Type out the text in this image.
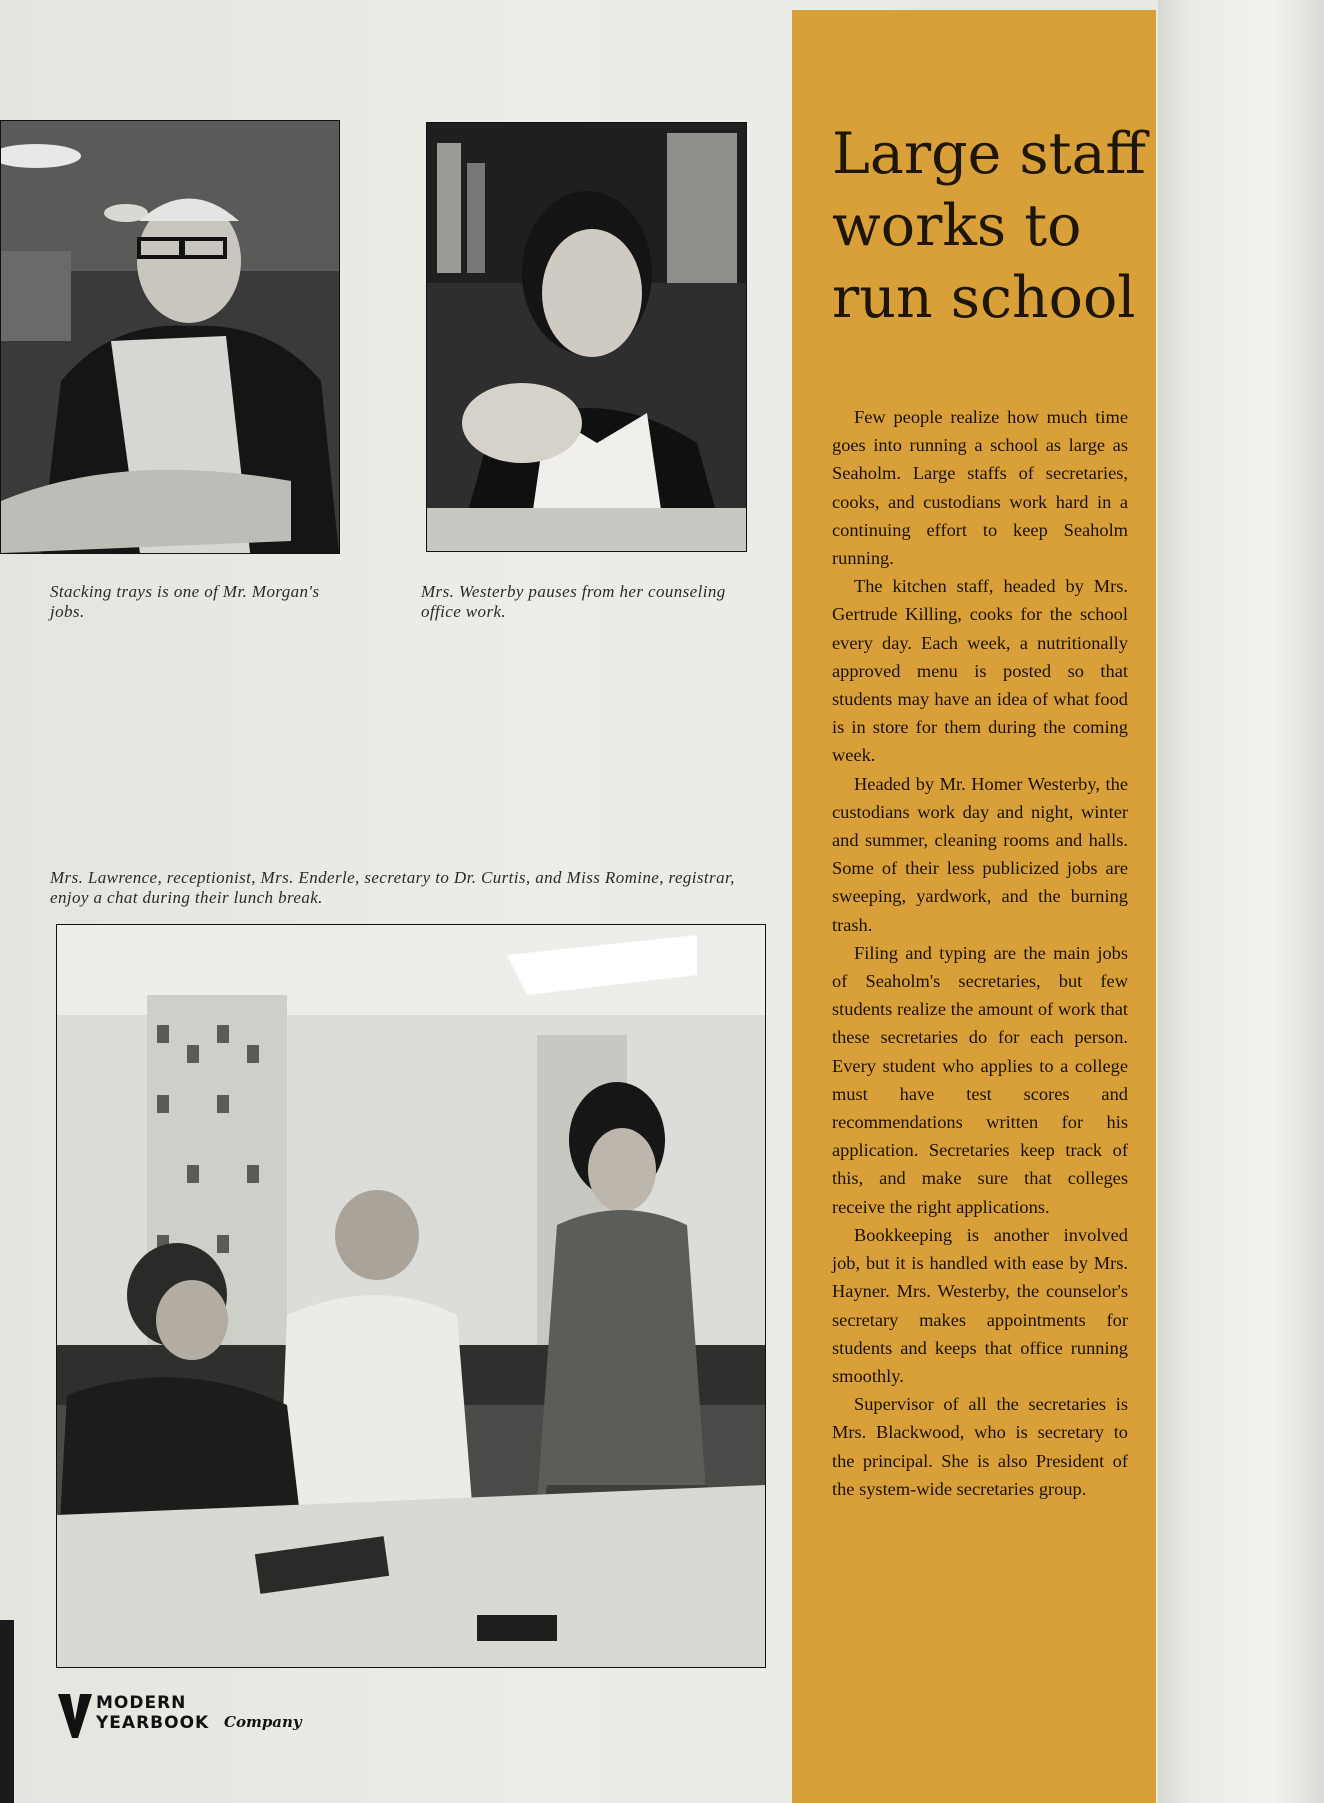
Stacking trays is one of Mr. Morgan's jobs.
Mrs. Westerby pauses from her counseling office work.
Mrs. Lawrence, receptionist, Mrs. Enderle, secretary to Dr. Curtis, and Miss Romine, registrar, enjoy a chat during their lunch break.
Large staff
works to
run school

Few people realize how much time goes into running a school as large as Seaholm. Large staffs of secretaries, cooks, and custodians work hard in a continuing effort to keep Seaholm running.

The kitchen staff, headed by Mrs. Gertrude Killing, cooks for the school every day. Each week, a nutritionally approved menu is posted so that students may have an idea of what food is in store for them during the coming week.

Headed by Mr. Homer Westerby, the custodians work day and night, winter and summer, cleaning rooms and halls. Some of their less publicized jobs are sweeping, yardwork, and the burning trash.

Filing and typing are the main jobs of Seaholm's secretaries, but few students realize the amount of work that these secretaries do for each person. Every student who applies to a college must have test scores and recommendations written for his application. Secretaries keep track of this, and make sure that colleges receive the right applications.

Bookkeeping is another involved job, but it is handled with ease by Mrs. Hayner. Mrs. Westerby, the counselor's secretary makes appointments for students and keeps that office running smoothly.

Supervisor of all the secretaries is Mrs. Blackwood, who is secretary to the principal. She is also President of the system-wide secretaries group.

MODERN
YEARBOOK Company
